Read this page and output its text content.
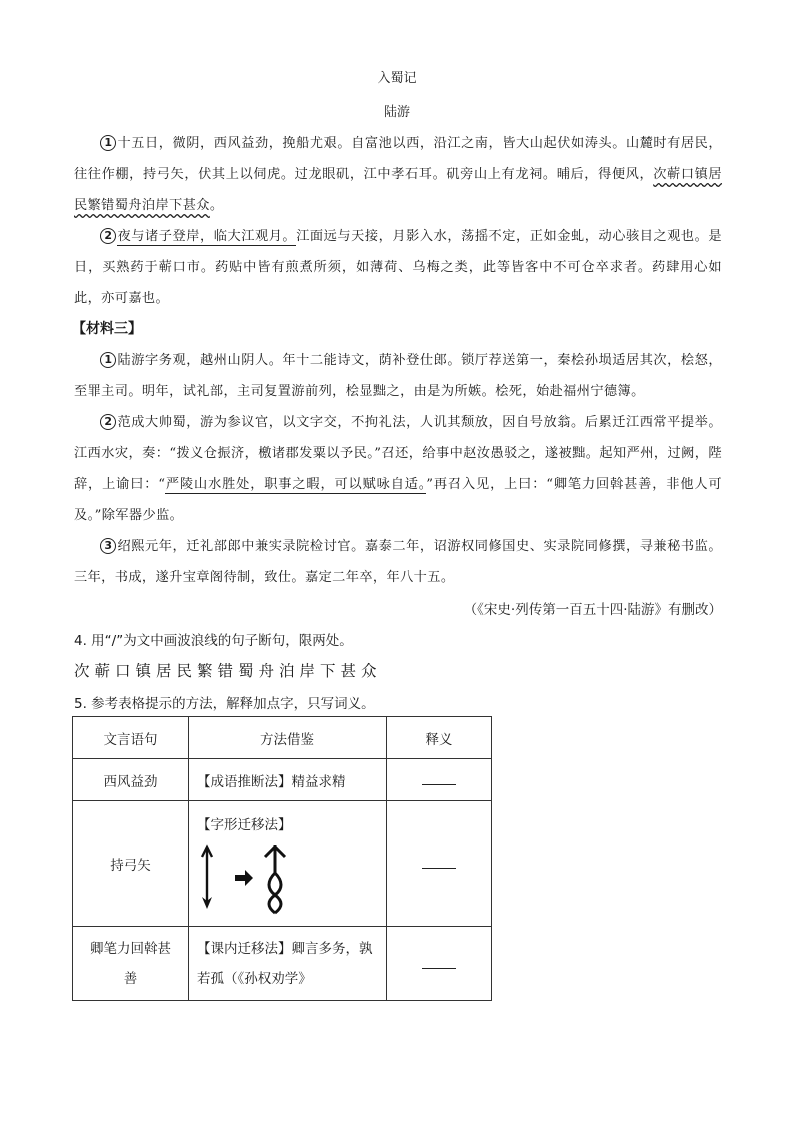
入蜀记
陆游
1 十五日，微阴，西风益劲，挽船尤艰。自富池以西，沿江之南，皆大山起伏如涛头。山麓时有居民，往往作棚，持弓矢，伏其上以伺虎。过龙眼矶，江中孝石耳。矶旁山上有龙祠。晡后，得便风，次蕲口镇居民繁错蜀舟泊岸下甚众。
2 夜与诸子登岸，临大江观月。江面远与天接，月影入水，荡摇不定，正如金虬，动心骇目之观也。是日，买熟药于蕲口市。药贴中皆有煎煮所须，如薄荷、乌梅之类，此等皆客中不可仓卒求者。药肆用心如此，亦可嘉也。
【材料三】
1 陆游字务观，越州山阴人。年十二能诗文，荫补登仕郎。锁厅荐送第一，秦桧孙埙适居其次，桧怒，至罪主司。明年，试礼部，主司复置游前列，桧显黜之，由是为所嫉。桧死，始赴福州宁德簿。
2 范成大帅蜀，游为参议官，以文字交，不拘礼法，人讥其颓放，因自号放翁。后累迁江西常平提举。江西水灾，奏：“拨义仓振济，檄诸郡发粟以予民。”召还，给事中赵汝愚驳之，遂被黜。起知严州，过阙，陛辞，上谕曰：“严陵山水胜处，职事之暇，可以赋咏自适。”再召入见，上曰：“卿笔力回斡甚善，非他人可及。”除军器少监。
3 绍熙元年，迁礼部郎中兼实录院检讨官。嘉泰二年，诏游权同修国史、实录院同修撰，寻兼秘书监。三年，书成，遂升宝章阁待制，致仕。嘉定二年卒，年八十五。
（《宋史·列传第一百五十四·陆游》有删改）
4. 用“/”为文中画波浪线的句子断句，限两处。
次蕲口镇居民繁错蜀舟泊岸下甚众
5. 参考表格提示的方法，解释加点字，只写词义。
文言语句	方法借鉴	释义
西风益劲	【成语推断法】精益求精	
持弓矢	【字形迁移法】	

卿笔力回斡甚善	【课内迁移法】卿言多务，孰若孤（《孙权劝学》	
